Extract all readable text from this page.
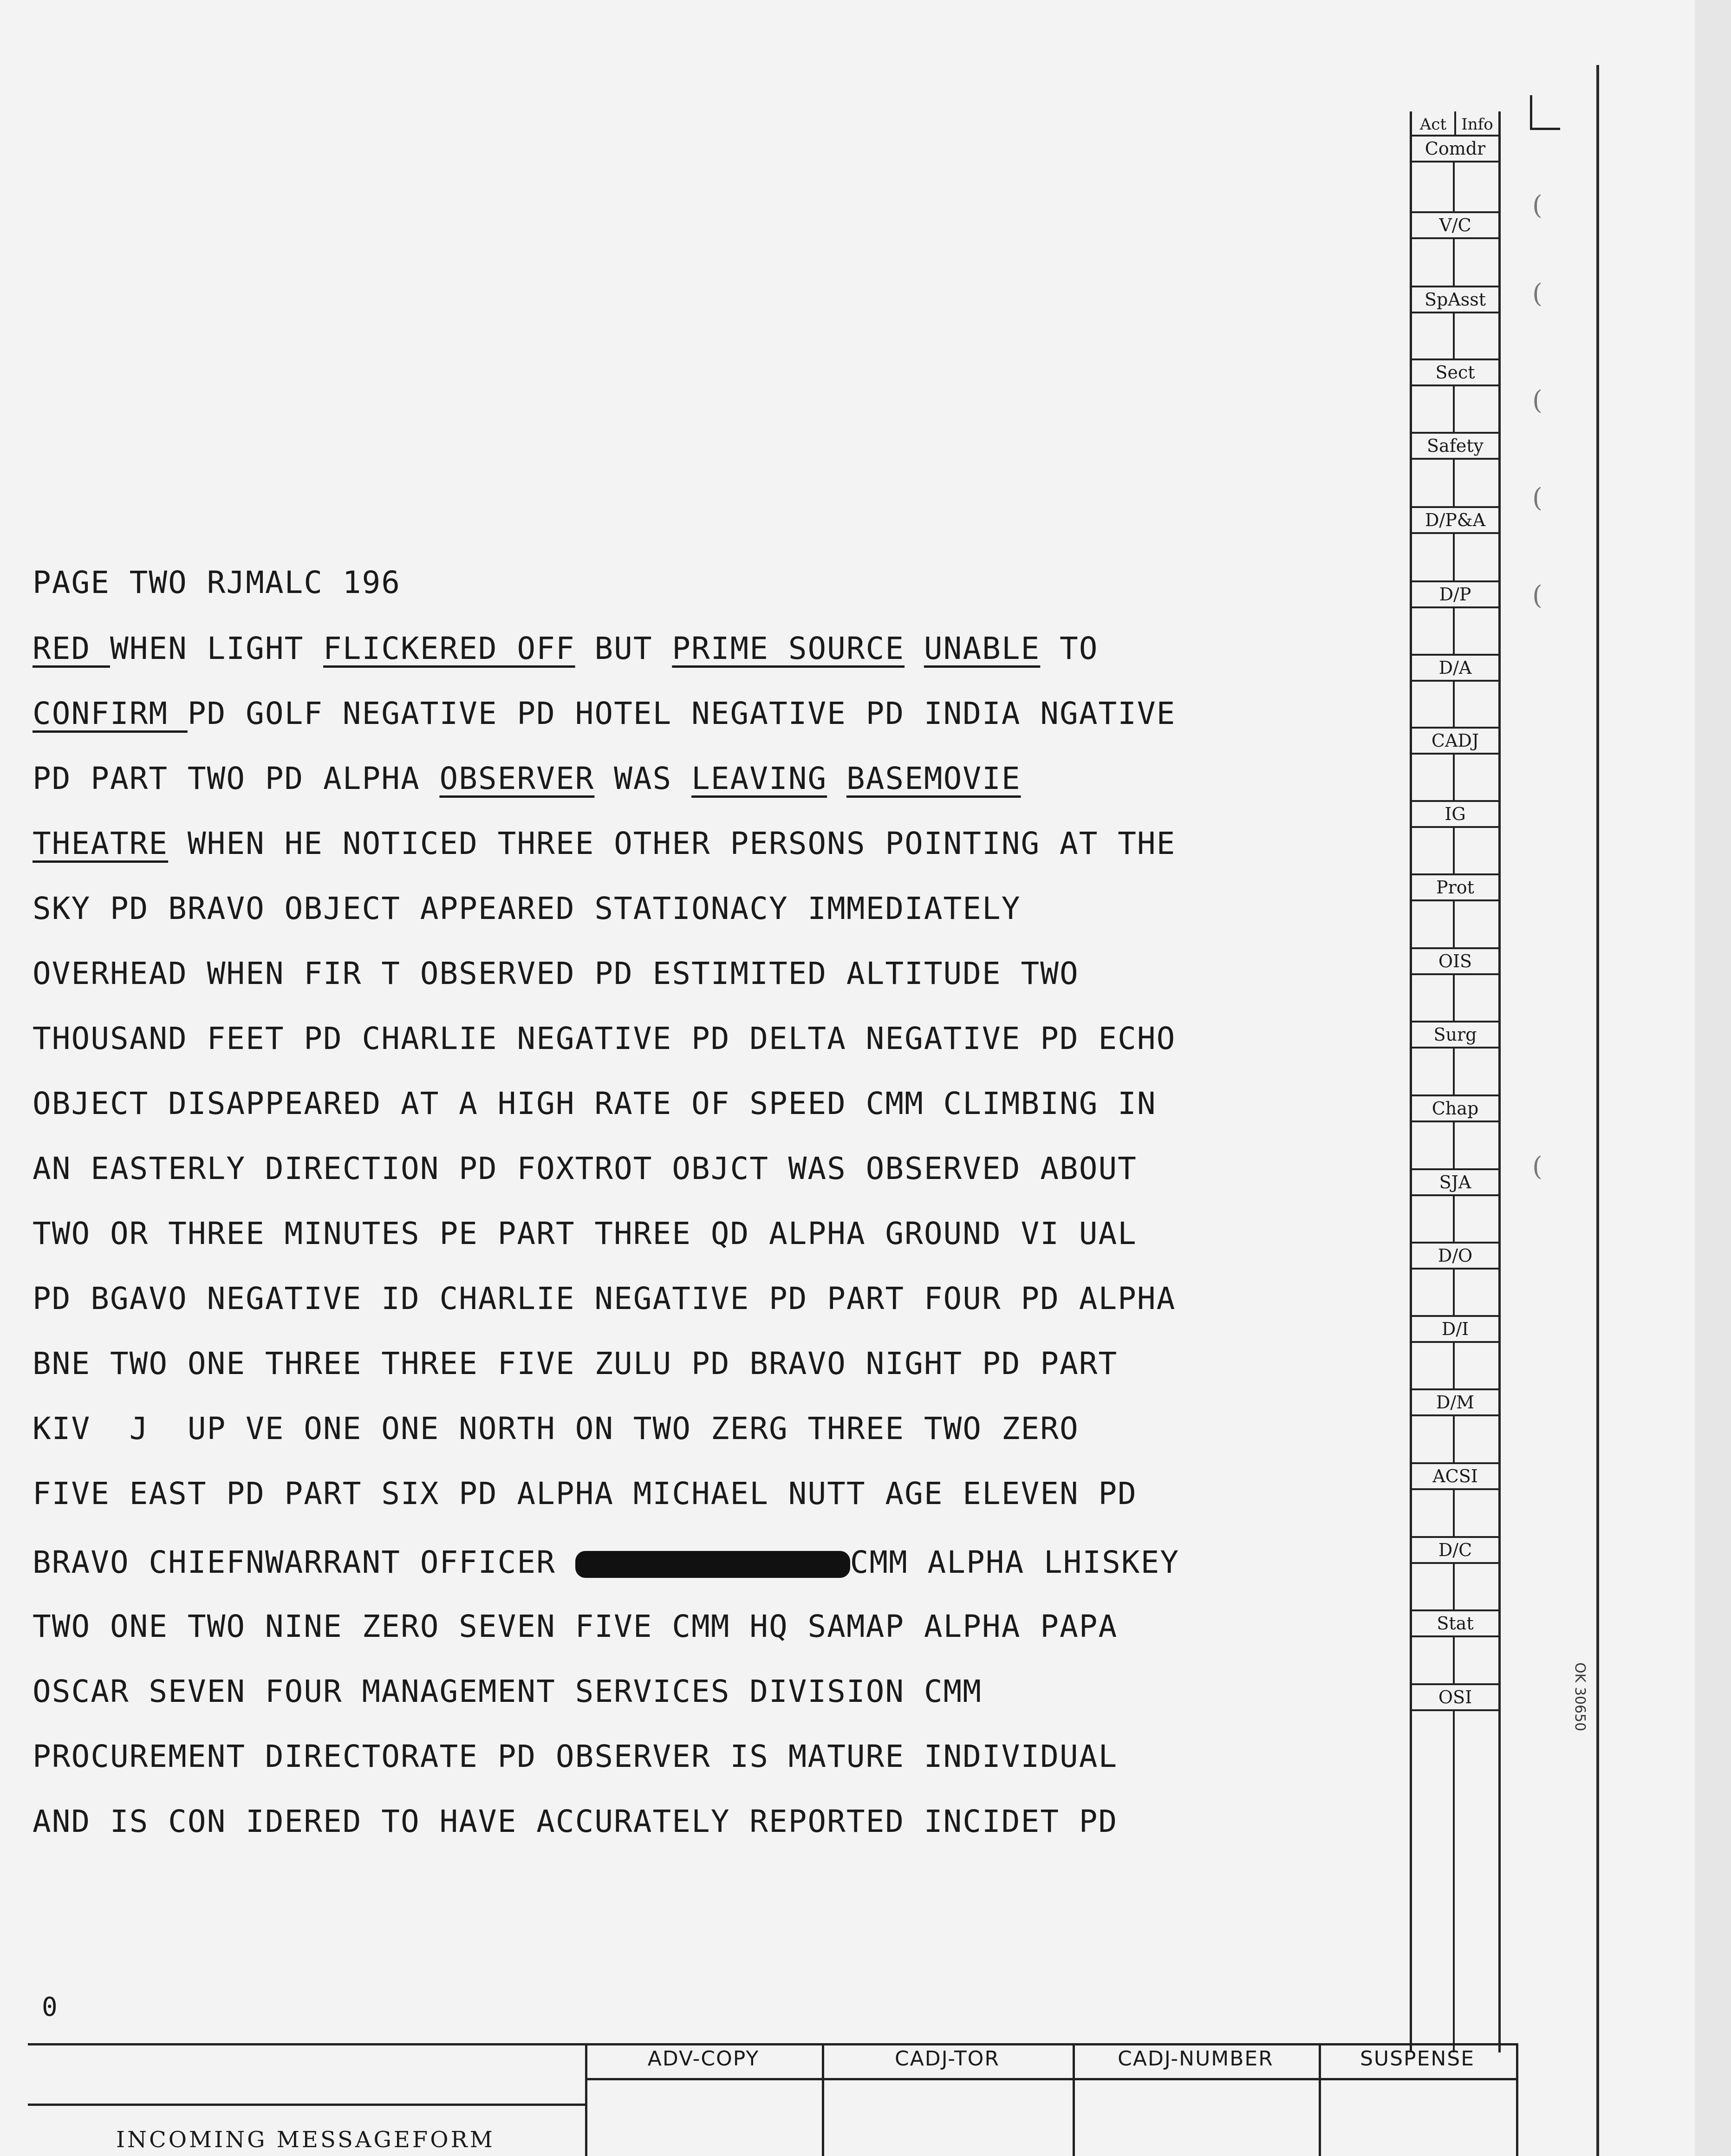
PAGE TWO RJMALC 196
RED WHEN LIGHT FLICKERED OFF BUT PRIME SOURCE UNABLE TO
CONFIRM PD GOLF NEGATIVE PD HOTEL NEGATIVE PD INDIA NGATIVE
PD PART TWO PD ALPHA OBSERVER WAS LEAVING BASEMOVIE
THEATRE WHEN HE NOTICED THREE OTHER PERSONS POINTING AT THE
SKY PD BRAVO OBJECT APPEARED STATIONACY IMMEDIATELY
OVERHEAD WHEN FIR T OBSERVED PD ESTIMITED ALTITUDE TWO
THOUSAND FEET PD CHARLIE NEGATIVE PD DELTA NEGATIVE PD ECHO
OBJECT DISAPPEARED AT A HIGH RATE OF SPEED CMM CLIMBING IN
AN EASTERLY DIRECTION PD FOXTROT OBJCT WAS OBSERVED ABOUT
TWO OR THREE MINUTES PE PART THREE QD ALPHA GROUND VI UAL
PD BGAVO NEGATIVE ID CHARLIE NEGATIVE PD PART FOUR PD ALPHA
BNE TWO ONE THREE THREE FIVE ZULU PD BRAVO NIGHT PD PART
KIV  J  UP VE ONE ONE NORTH ON TWO ZERG THREE TWO ZERO
FIVE EAST PD PART SIX PD ALPHA MICHAEL NUTT AGE ELEVEN PD
BRAVO CHIEFNWARRANT OFFICER	CMM ALPHA LHISKEY
TWO ONE TWO NINE ZERO SEVEN FIVE CMM HQ SAMAP ALPHA PAPA
OSCAR SEVEN FOUR MANAGEMENT SERVICES DIVISION CMM
PROCUREMENT DIRECTORATE PD OBSERVER IS MATURE INDIVIDUAL
AND IS CON IDERED TO HAVE ACCURATELY REPORTED INCIDET PD
0
(
(
(
(
(
(
Act Info
Comdr
V/C
SpAsst
Sect
Safety
D/P&A
D/P
D/A
CADJ
IG
Prot
OIS
Surg
Chap
SJA
D/O
D/I
D/M
ACSI
D/C
Stat
OSI	OK 30650
ADV-COPY	CADJ-TOR	CADJ-NUMBER	SUSPENSE
INCOMING MESSAGEFORM
